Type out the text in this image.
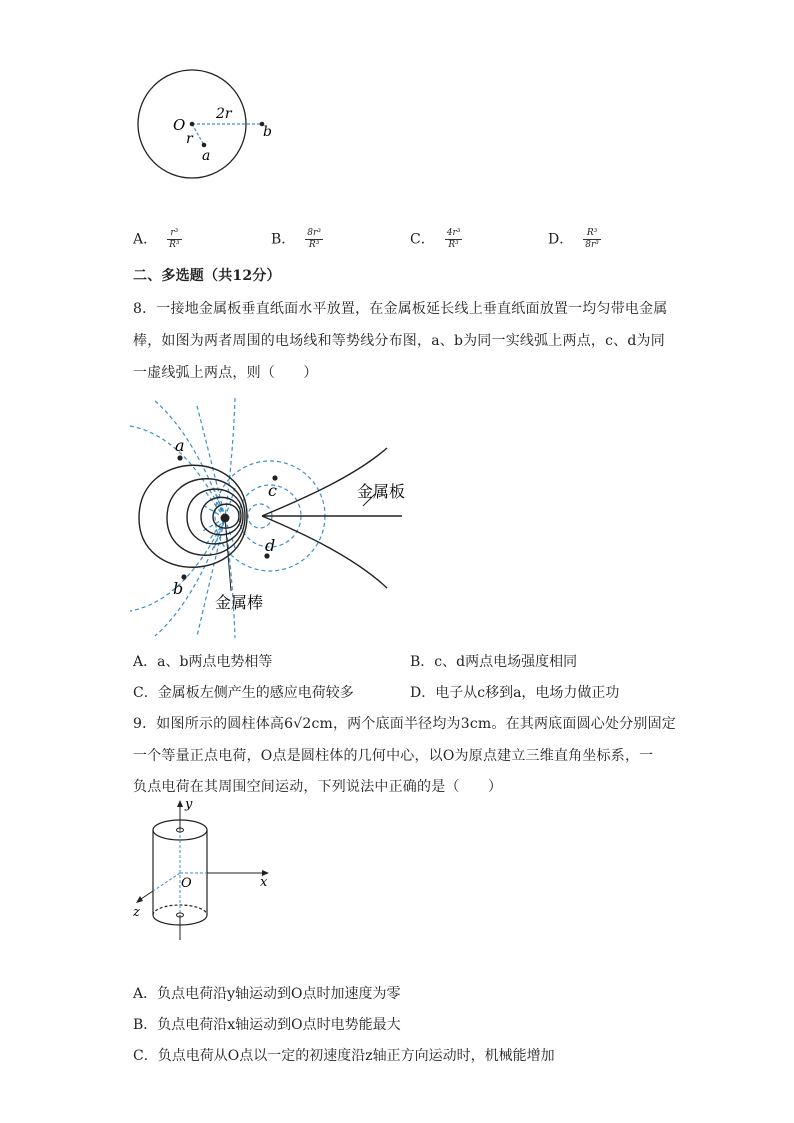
O
2r
r
a
b
A． $\frac{\text{r³}}{\text{R³}}$	B． $\frac{\text{8r³}}{\text{R³}}$	C． $\frac{\text{4r³}}{\text{R³}}$	D． $\frac{\text{R³}}{\text{8r³}}$
二、多选题（共12分）
8．一接地金属板垂直纸面水平放置，在金属板延长线上垂直纸面放置一均匀带电金属
棒，如图为两者周围的电场线和等势线分布图，a、b为同一实线弧上两点，c、d为同
一虚线弧上两点，则（　　）
a
b
c
d
金属板
金属棒
A．a、b两点电势相等	B．c、d两点电场强度相同
C．金属板左侧产生的感应电荷较多	D．电子从c移到a，电场力做正功
9．如图所示的圆柱体高6√2cm，两个底面半径均为3cm。在其两底面圆心处分别固定
一个等量正点电荷，O点是圆柱体的几何中心，以O为原点建立三维直角坐标系，一
负点电荷在其周围空间运动，下列说法中正确的是（　　）
y
x
z
O
A．负点电荷沿y轴运动到O点时加速度为零
B．负点电荷沿x轴运动到O点时电势能最大
C．负点电荷从O点以一定的初速度沿z轴正方向运动时，机械能增加
